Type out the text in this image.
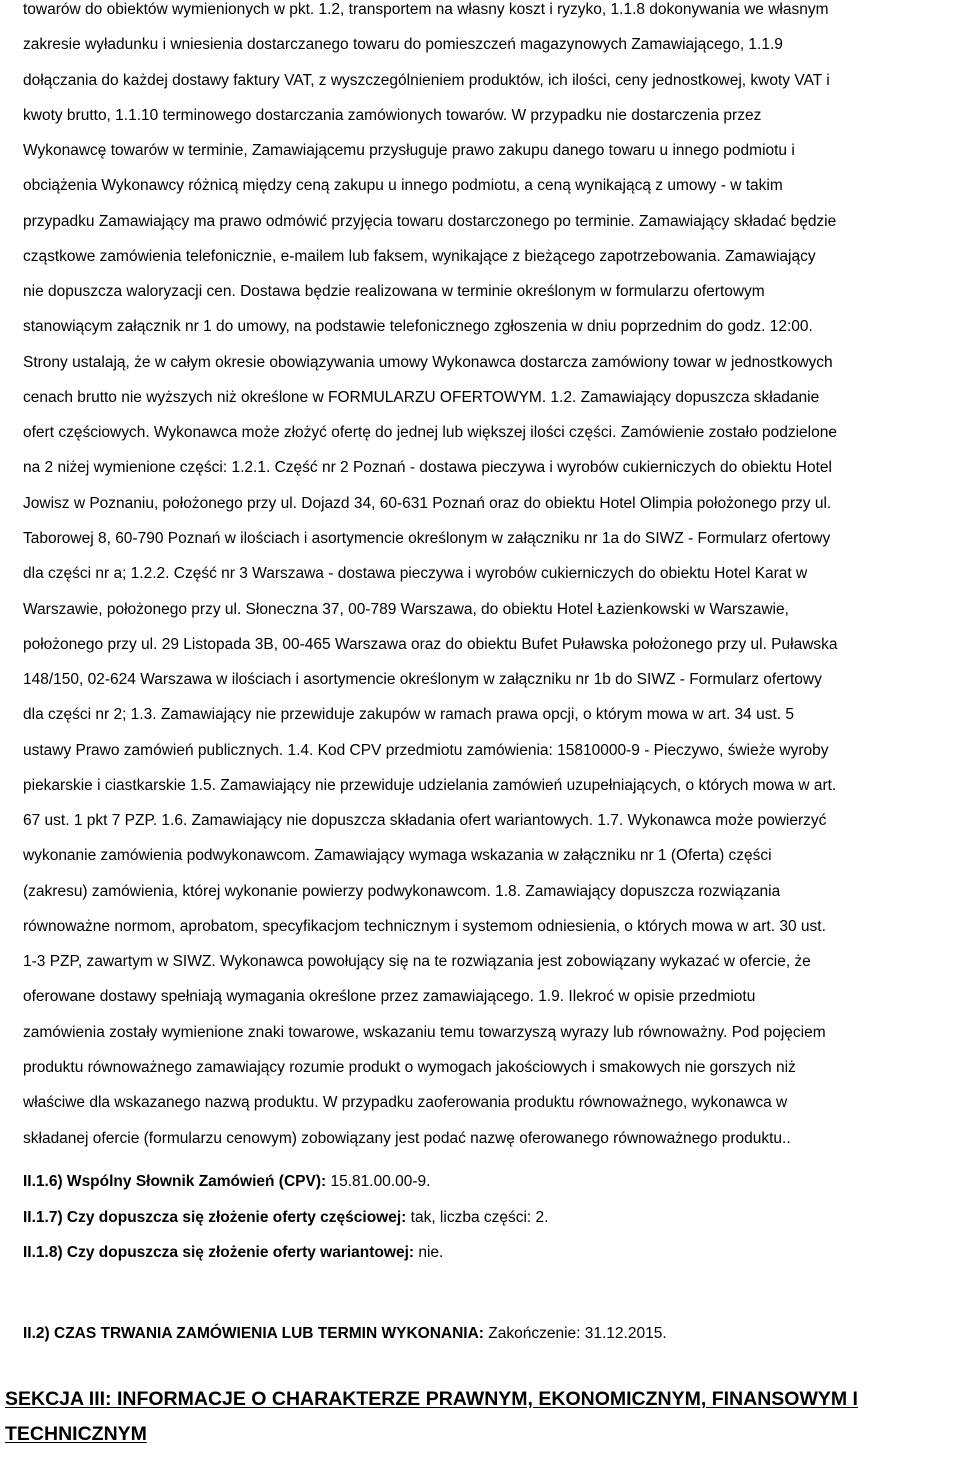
towarów do obiektów wymienionych w pkt. 1.2, transportem na własny koszt i ryzyko, 1.1.8 dokonywania we własnym
zakresie wyładunku i wniesienia dostarczanego towaru do pomieszczeń magazynowych Zamawiającego, 1.1.9
dołączania do każdej dostawy faktury VAT, z wyszczególnieniem produktów, ich ilości, ceny jednostkowej, kwoty VAT i
kwoty brutto, 1.1.10 terminowego dostarczania zamówionych towarów. W przypadku nie dostarczenia przez
Wykonawcę towarów w terminie, Zamawiającemu przysługuje prawo zakupu danego towaru u innego podmiotu i
obciążenia Wykonawcy różnicą między ceną zakupu u innego podmiotu, a ceną wynikającą z umowy - w takim
przypadku Zamawiający ma prawo odmówić przyjęcia towaru dostarczonego po terminie. Zamawiający składać będzie
cząstkowe zamówienia telefonicznie, e-mailem lub faksem, wynikające z bieżącego zapotrzebowania. Zamawiający
nie dopuszcza waloryzacji cen. Dostawa będzie realizowana w terminie określonym w formularzu ofertowym
stanowiącym załącznik nr 1 do umowy, na podstawie telefonicznego zgłoszenia w dniu poprzednim do godz. 12:00.
Strony ustalają, że w całym okresie obowiązywania umowy Wykonawca dostarcza zamówiony towar w jednostkowych
cenach brutto nie wyższych niż określone w FORMULARZU OFERTOWYM. 1.2. Zamawiający dopuszcza składanie
ofert częściowych. Wykonawca może złożyć ofertę do jednej lub większej ilości części. Zamówienie zostało podzielone
na 2 niżej wymienione części: 1.2.1. Część nr 2 Poznań - dostawa pieczywa i wyrobów cukierniczych do obiektu Hotel
Jowisz w Poznaniu, położonego przy ul. Dojazd 34, 60-631 Poznań oraz do obiektu Hotel Olimpia położonego przy ul.
Taborowej 8, 60-790 Poznań w ilościach i asortymencie określonym w załączniku nr 1a do SIWZ - Formularz ofertowy
dla części nr a; 1.2.2. Część nr 3 Warszawa - dostawa pieczywa i wyrobów cukierniczych do obiektu Hotel Karat w
Warszawie, położonego przy ul. Słoneczna 37, 00-789 Warszawa, do obiektu Hotel Łazienkowski w Warszawie,
położonego przy ul. 29 Listopada 3B, 00-465 Warszawa oraz do obiektu Bufet Puławska położonego przy ul. Puławska
148/150, 02-624 Warszawa w ilościach i asortymencie określonym w załączniku nr 1b do SIWZ - Formularz ofertowy
dla części nr 2; 1.3. Zamawiający nie przewiduje zakupów w ramach prawa opcji, o którym mowa w art. 34 ust. 5
ustawy Prawo zamówień publicznych. 1.4. Kod CPV przedmiotu zamówienia: 15810000-9 - Pieczywo, świeże wyroby
piekarskie i ciastkarskie 1.5. Zamawiający nie przewiduje udzielania zamówień uzupełniających, o których mowa w art.
67 ust. 1 pkt 7 PZP. 1.6. Zamawiający nie dopuszcza składania ofert wariantowych. 1.7. Wykonawca może powierzyć
wykonanie zamówienia podwykonawcom. Zamawiający wymaga wskazania w załączniku nr 1 (Oferta) części
(zakresu) zamówienia, której wykonanie powierzy podwykonawcom. 1.8. Zamawiający dopuszcza rozwiązania
równoważne normom, aprobatom, specyfikacjom technicznym i systemom odniesienia, o których mowa w art. 30 ust.
1-3 PZP, zawartym w SIWZ. Wykonawca powołujący się na te rozwiązania jest zobowiązany wykazać w ofercie, że
oferowane dostawy spełniają wymagania określone przez zamawiającego. 1.9. Ilekroć w opisie przedmiotu
zamówienia zostały wymienione znaki towarowe, wskazaniu temu towarzyszą wyrazy lub równoważny. Pod pojęciem
produktu równoważnego zamawiający rozumie produkt o wymogach jakościowych i smakowych nie gorszych niż
właściwe dla wskazanego nazwą produktu. W przypadku zaoferowania produktu równoważnego, wykonawca w
składanej ofercie (formularzu cenowym) zobowiązany jest podać nazwę oferowanego równoważnego produktu..

II.1.6) Wspólny Słownik Zamówień (CPV): 15.81.00.00-9.

II.1.7) Czy dopuszcza się złożenie oferty częściowej: tak, liczba części: 2.

II.1.8) Czy dopuszcza się złożenie oferty wariantowej: nie.

II.2) CZAS TRWANIA ZAMÓWIENIA LUB TERMIN WYKONANIA: Zakończenie: 31.12.2015.

SEKCJA III: INFORMACJE O CHARAKTERZE PRAWNYM, EKONOMICZNYM, FINANSOWYM I
TECHNICZNYM
